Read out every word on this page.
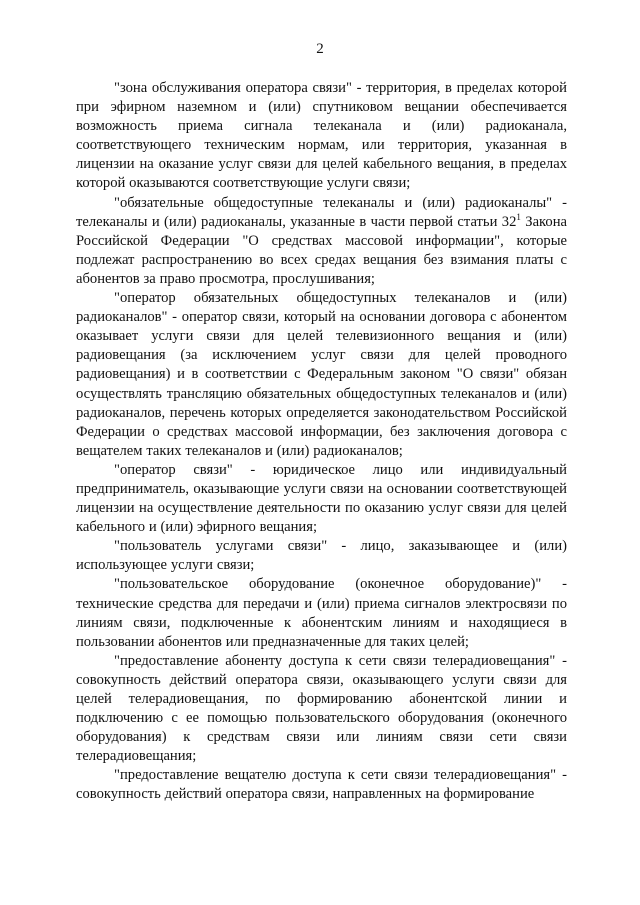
2

"зона обслуживания оператора связи" - территория, в пределах которой при эфирном наземном и (или) спутниковом вещании обеспечивается возможность приема сигнала телеканала и (или) радиоканала, соответствующего техническим нормам, или территория, указанная в лицензии на оказание услуг связи для целей кабельного вещания, в пределах которой оказываются соответствующие услуги связи;

"обязательные общедоступные телеканалы и (или) радиоканалы" - телеканалы и (или) радиоканалы, указанные в части первой статьи $32^1$ Закона Российской Федерации "О средствах массовой информации", которые подлежат распространению во всех средах вещания без взимания платы с абонентов за право просмотра, прослушивания;

"оператор обязательных общедоступных телеканалов и (или) радиоканалов" - оператор связи, который на основании договора с абонентом оказывает услуги связи для целей телевизионного вещания и (или) радиовещания (за исключением услуг связи для целей проводного радиовещания) и в соответствии с Федеральным законом "О связи" обязан осуществлять трансляцию обязательных общедоступных телеканалов и (или) радиоканалов, перечень которых определяется законодательством Российской Федерации о средствах массовой информации, без заключения договора с вещателем таких телеканалов и (или) радиоканалов;

"оператор связи" - юридическое лицо или индивидуальный предприниматель, оказывающие услуги связи на основании соответствующей лицензии на осуществление деятельности по оказанию услуг связи для целей кабельного и (или) эфирного вещания;

"пользователь услугами связи" - лицо, заказывающее и (или) использующее услуги связи;

"пользовательское оборудование (оконечное оборудование)" - технические средства для передачи и (или) приема сигналов электросвязи по линиям связи, подключенные к абонентским линиям и находящиеся в пользовании абонентов или предназначенные для таких целей;

"предоставление абоненту доступа к сети связи телерадиовещания" - совокупность действий оператора связи, оказывающего услуги связи для целей телерадиовещания, по формированию абонентской линии и подключению с ее помощью пользовательского оборудования (оконечного оборудования) к средствам связи или линиям связи сети связи телерадиовещания;

"предоставление вещателю доступа к сети связи телерадиовещания" - совокупность действий оператора связи, направленных на формирование
